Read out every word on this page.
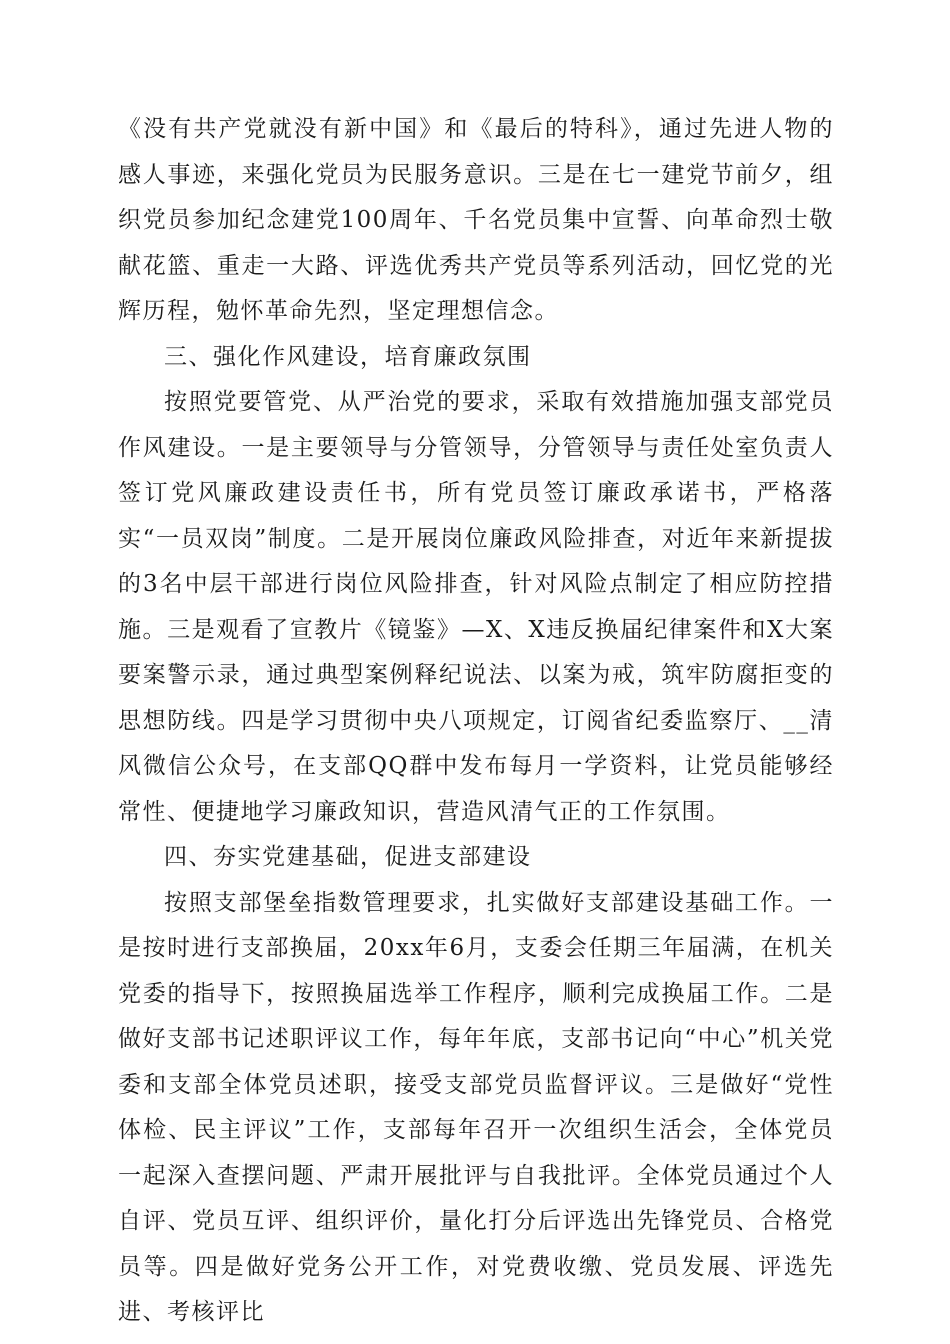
《没有共产党就没有新中国》和《最后的特科》，通过先进人物的感人事迹，来强化党员为民服务意识。三是在七一建党节前夕，组织党员参加纪念建党100周年、千名党员集中宣誓、向革命烈士敬献花篮、重走一大路、评选优秀共产党员等系列活动，回忆党的光辉历程，勉怀革命先烈，坚定理想信念。

三、强化作风建设，培育廉政氛围

按照党要管党、从严治党的要求，采取有效措施加强支部党员作风建设。一是主要领导与分管领导，分管领导与责任处室负责人签订党风廉政建设责任书，所有党员签订廉政承诺书，严格落实“一员双岗”制度。二是开展岗位廉政风险排查，对近年来新提拔的3名中层干部进行岗位风险排查，针对风险点制定了相应防控措施。三是观看了宣教片《镜鉴》—X、X违反换届纪律案件和X大案要案警示录，通过典型案例释纪说法、以案为戒，筑牢防腐拒变的思想防线。四是学习贯彻中央八项规定，订阅省纪委监察厅、__清风微信公众号，在支部QQ群中发布每月一学资料，让党员能够经常性、便捷地学习廉政知识，营造风清气正的工作氛围。

四、夯实党建基础，促进支部建设

按照支部堡垒指数管理要求，扎实做好支部建设基础工作。一是按时进行支部换届，20xx年6月，支委会任期三年届满，在机关党委的指导下，按照换届选举工作程序，顺利完成换届工作。二是做好支部书记述职评议工作，每年年底，支部书记向“中心”机关党委和支部全体党员述职，接受支部党员监督评议。三是做好“党性体检、民主评议”工作，支部每年召开一次组织生活会，全体党员一起深入查摆问题、严肃开展批评与自我批评。全体党员通过个人自评、党员互评、组织评价，量化打分后评选出先锋党员、合格党员等。四是做好党务公开工作，对党费收缴、党员发展、评选先进、考核评比
